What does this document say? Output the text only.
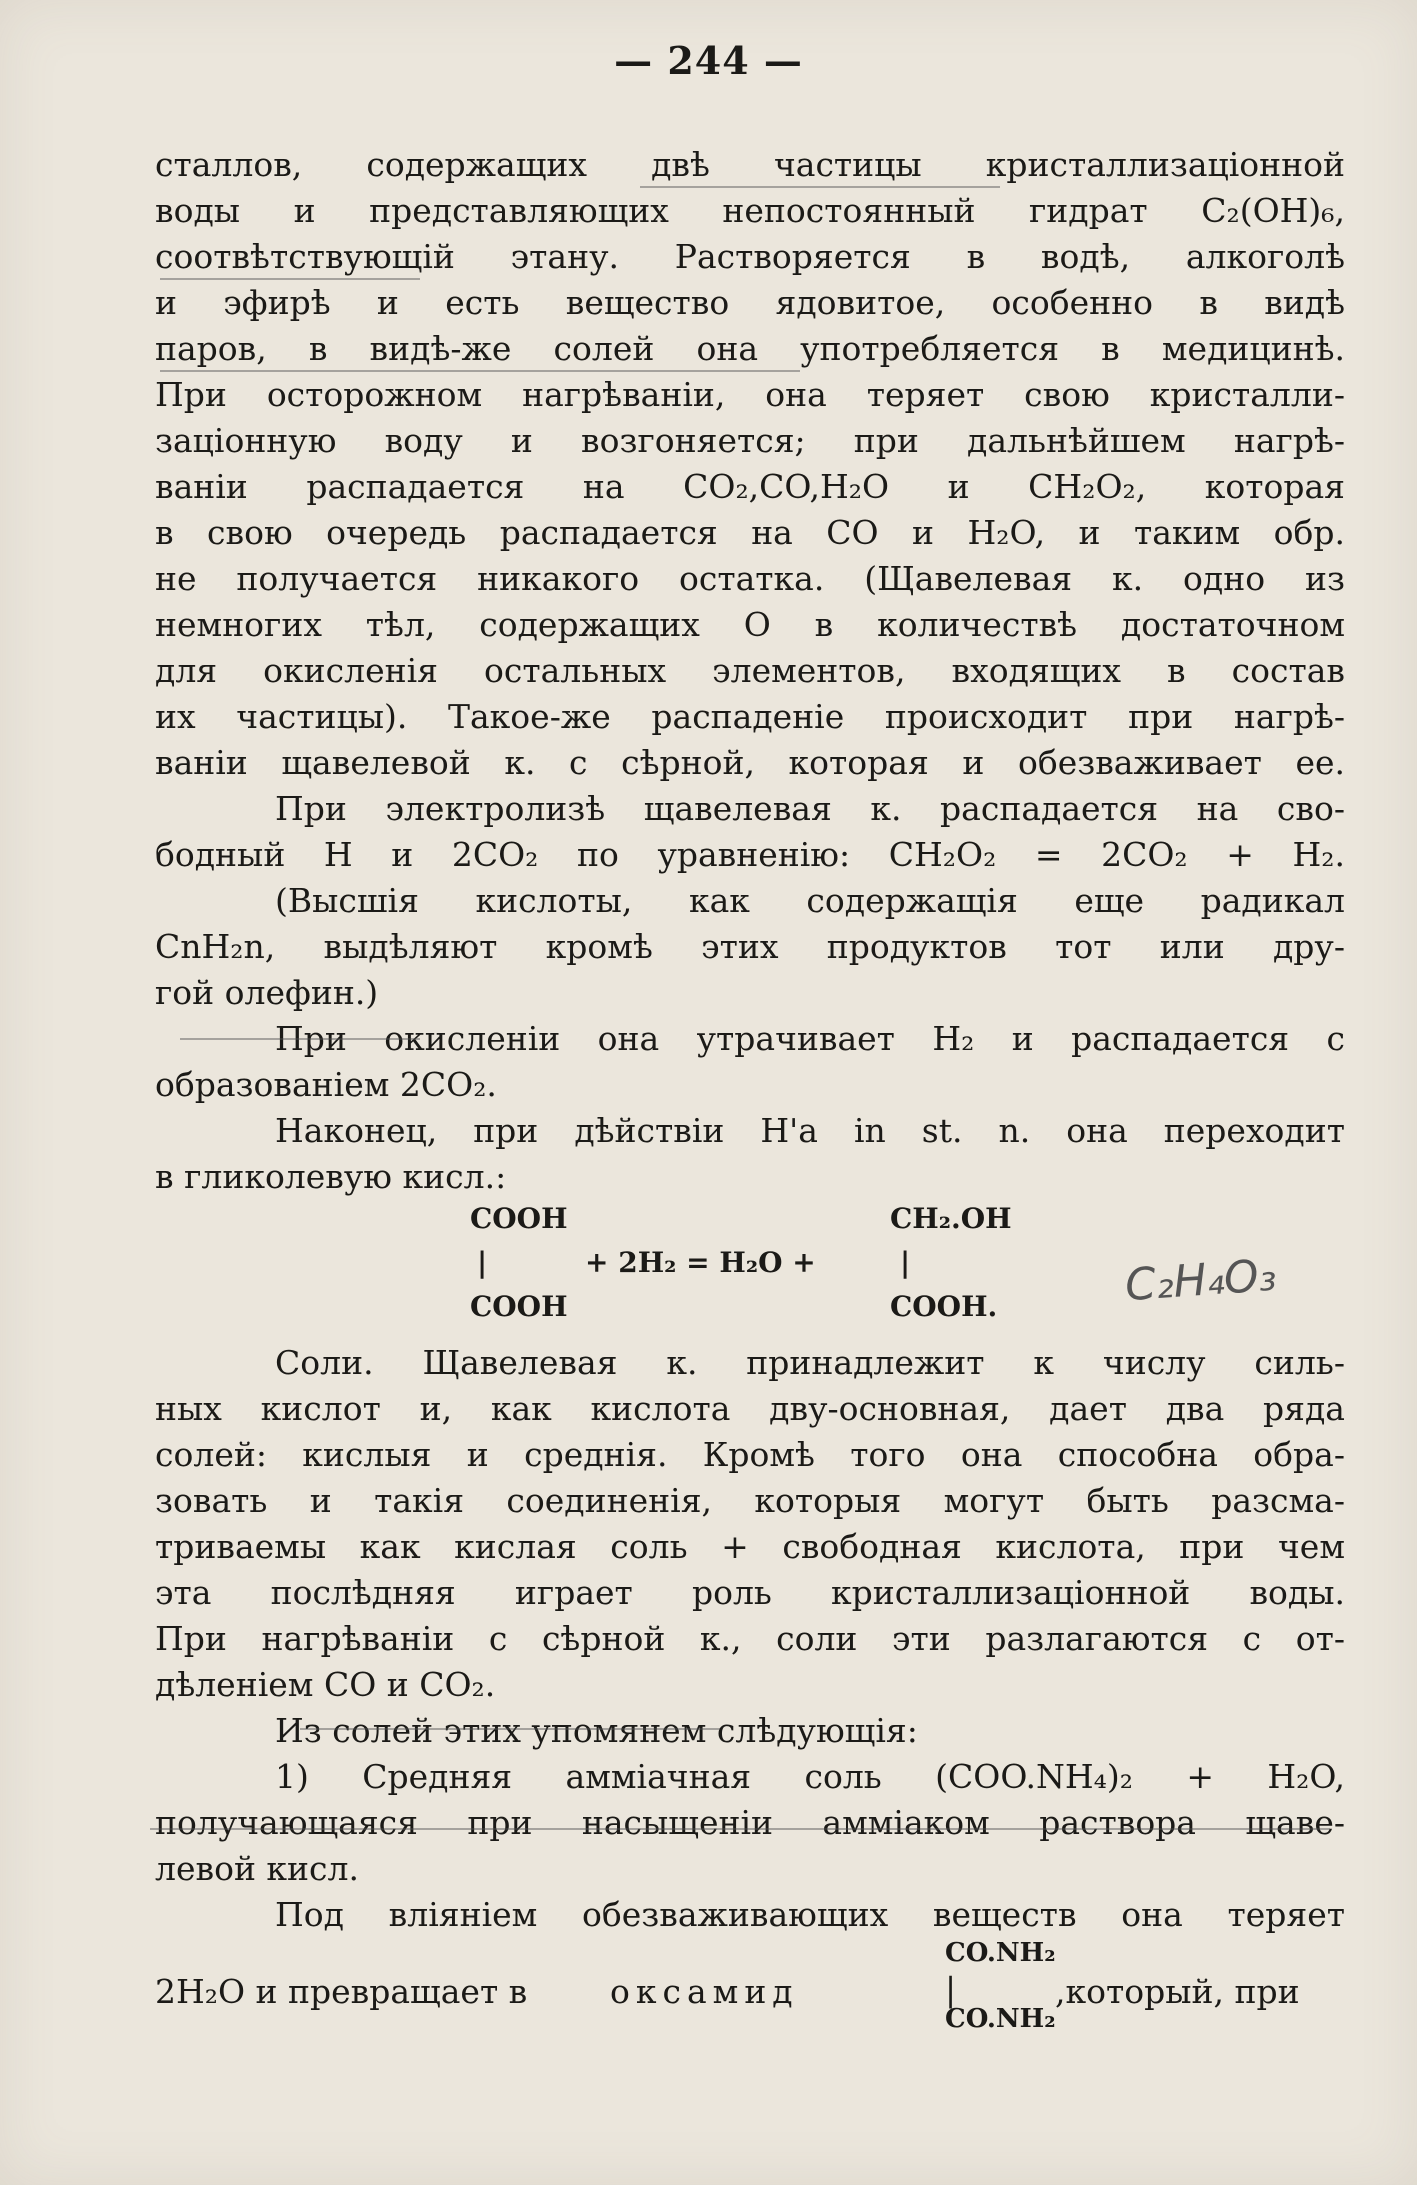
— 244 —
сталлов, содержащих двѣ частицы кристаллизаціонной
воды и представляющих непостоянный гидрат C₂(OH)₆,
соотвѣтствующій этану. Растворяется в водѣ, алкоголѣ
и эфирѣ и есть вещество ядовитое, особенно в видѣ
паров, в видѣ-же солей она употребляется в медицинѣ.
При осторожном нагрѣваніи, она теряет свою кристалли-
заціонную воду и возгоняется; при дальнѣйшем нагрѣ-
ваніи распадается на CO₂,CO,H₂O и CH₂O₂, которая
в свою очередь распадается на CO и H₂O, и таким обр.
не получается никакого остатка. (Щавелевая к. одно из
немногих тѣл, содержащих O в количествѣ достаточном
для окисленія остальных элементов, входящих в состав
их частицы). Такое-же распаденіе происходит при нагрѣ-
ваніи щавелевой к. с сѣрной, которая и обезваживает ее.
При электролизѣ щавелевая к. распадается на сво-
бодный H и 2CO₂ по уравненію: CH₂O₂ = 2CO₂ + H₂.
(Высшія кислоты, как содержащія еще радикал
CnH₂n, выдѣляют кромѣ этих продуктов тот или дру-
гой олефин.)
При окисленіи она утрачивает H₂ и распадается с
образованіем 2CO₂.
Наконец, при дѣйствіи H'a in st. n. она переходит
в гликолевую кисл.:
COOH
|
COOH
+ 2H₂ = H₂O +
CH₂.OH
|
COOH.
Соли. Щавелевая к. принадлежит к числу силь-
ных кислот и, как кислота дву-основная, дает два ряда
солей: кислыя и среднія. Кромѣ того она способна обра-
зовать и такія соединенія, которыя могут быть разсма-
триваемы как кислая соль + свободная кислота, при чем
эта послѣдняя играет роль кристаллизаціонной воды.
При нагрѣваніи с сѣрной к., соли эти разлагаются с от-
дѣленіем CO и CO₂.
Из солей этих упомянем слѣдующія:
1) Средняя амміачная соль (COO.NH₄)₂ + H₂O,
получающаяся при насыщеніи амміаком раствора щаве-
левой кисл.
Под вліяніем обезваживающих веществ она теряет
2H₂O и превращает в	оксамид
CO.NH₂
|
CO.NH₂
,который, при
C₂H₄O₃
